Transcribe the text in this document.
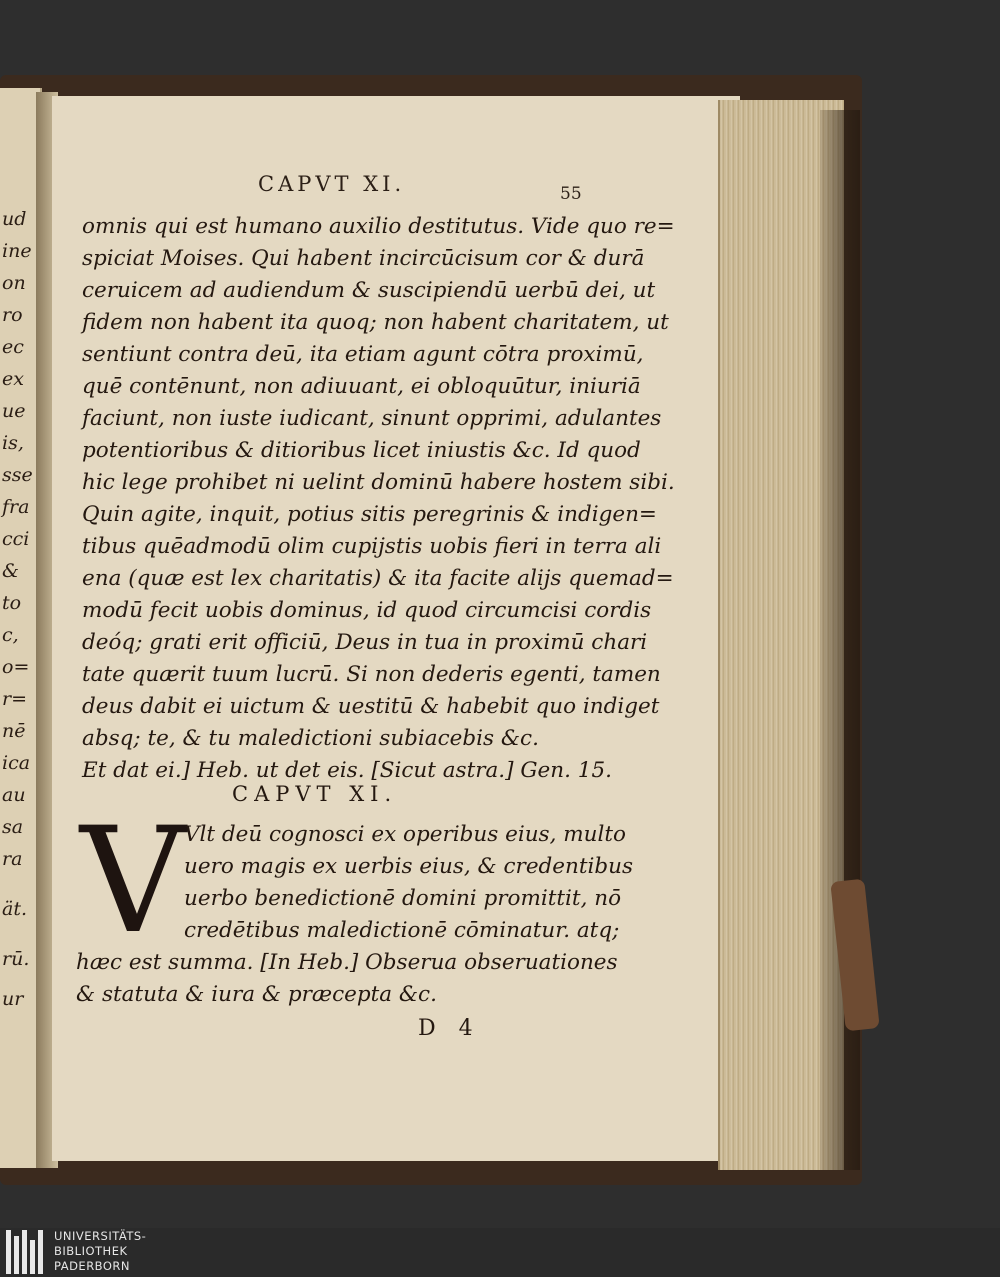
ud
ine
on
ro
ec
ex
ue
is,
sse
fra
cci
&
to
c,
o=
r=
nē
ica
au
sa
ra
ät.
rū.
ur
CAPVT XI.	55
omnis qui est humano auxilio destitutus. Vide quo re=
spiciat Moises. Qui habent incircūcisum cor & durā
ceruicem ad audiendum & suscipiendū uerbū dei, ut
fidem non habent ita quoq; non habent charitatem, ut
sentiunt contra deū, ita etiam agunt cōtra proximū,
quē contēnunt, non adiuuant, ei obloquūtur, iniuriā
faciunt, non iuste iudicant, sinunt opprimi, adulantes
potentioribus & ditioribus licet iniustis &c. Id quod
hic lege prohibet ni uelint dominū habere hostem sibi.
Quin agite, inquit, potius sitis peregrinis & indigen=
tibus quēadmodū olim cupijstis uobis fieri in terra ali
ena (quæ est lex charitatis) & ita facite alijs quemad=
modū fecit uobis dominus, id quod circumcisi cordis
deóq; grati erit officiū, Deus in tua in proximū chari
tate quærit tuum lucrū. Si non dederis egenti, tamen
deus dabit ei uictum & uestitū & habebit quo indiget
absq; te, & tu maledictioni subiacebis &c.
Et dat ei.] Heb. ut det eis. [Sicut astra.] Gen. 15.
CAPVT XI.
V
Vlt deū cognosci ex operibus eius, multo
uero magis ex uerbis eius, & credentibus
uerbo benedictionē domini promittit, nō
credētibus maledictionē cōminatur. atq;
hæc est summa. [In Heb.] Obserua obseruationes
& statuta & iura & præcepta &c.
D 4
UNIVERSITÄTS-
BIBLIOTHEK
PADERBORN
